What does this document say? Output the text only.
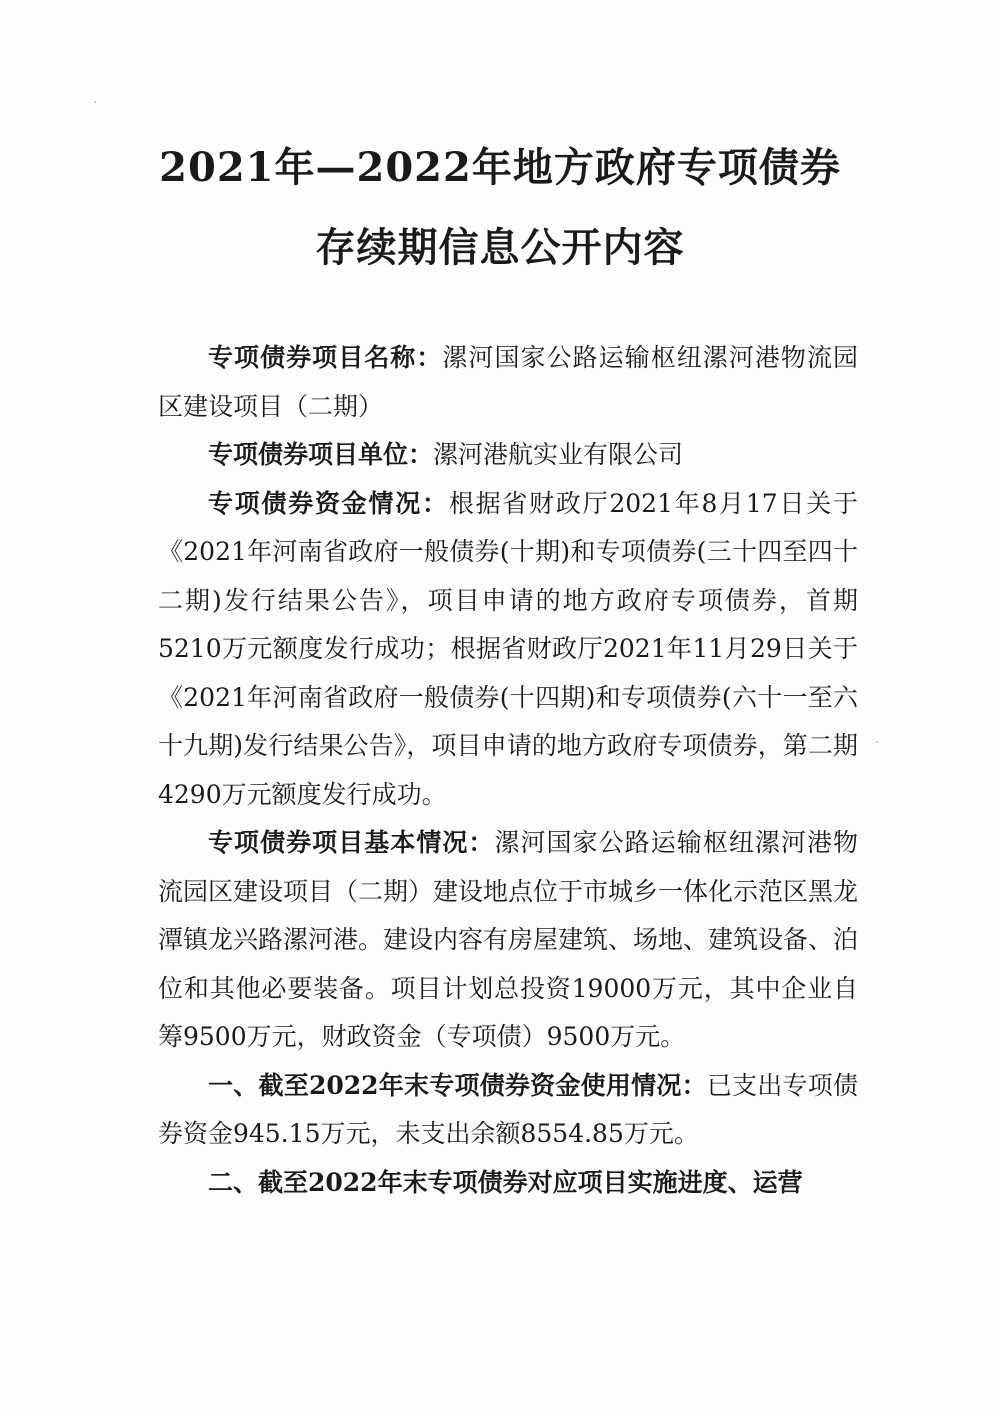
2021年—2022年地方政府专项债券
存续期信息公开内容

专项债券项目名称：漯河国家公路运输枢纽漯河港物流园区建设项目（二期）

专项债券项目单位：漯河港航实业有限公司

专项债券资金情况：根据省财政厅2021年8月17日关于《2021年河南省政府一般债券(十期)和专项债券(三十四至四十二期)发行结果公告》，项目申请的地方政府专项债券，首期5210万元额度发行成功；根据省财政厅2021年11月29日关于《2021年河南省政府一般债券(十四期)和专项债券(六十一至六十九期)发行结果公告》，项目申请的地方政府专项债券，第二期4290万元额度发行成功。

专项债券项目基本情况：漯河国家公路运输枢纽漯河港物流园区建设项目（二期）建设地点位于市城乡一体化示范区黑龙潭镇龙兴路漯河港。建设内容有房屋建筑、场地、建筑设备、泊位和其他必要装备。项目计划总投资19000万元，其中企业自筹9500万元，财政资金（专项债）9500万元。

一、截至2022年末专项债券资金使用情况：已支出专项债券资金945.15万元，未支出余额8554.85万元。

二、截至2022年末专项债券对应项目实施进度、运营
